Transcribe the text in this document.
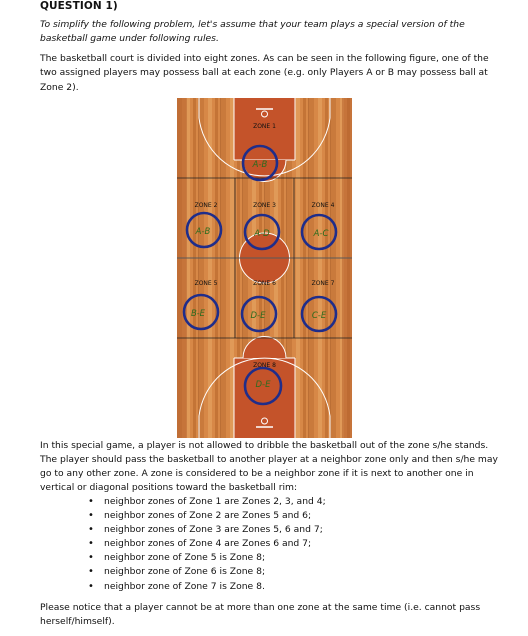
QUESTION 1)
To simplify the following problem, let's assume that your team plays a special version of the basketball game under following rules.
The basketball court is divided into eight zones. As can be seen in the following figure, one of the two assigned players may possess ball at each zone (e.g. only Players A or B may possess ball at Zone 2).
ZONE 1
ZONE 2	ZONE 3	ZONE 4
ZONE 5	ZONE 6	ZONE 7
ZONE 8
A-B
A-B	A-D	A-C
B-E	D-E	C-E
D-E
In this special game, a player is not allowed to dribble the basketball out of the zone s/he stands. The player should pass the basketball to another player at a neighbor zone only and then s/he may go to any other zone. A zone is considered to be a neighbor zone if it is next to another one in vertical or diagonal positions toward the basketball rim:
• neighbor zones of Zone 1 are Zones 2, 3, and 4;
• neighbor zones of Zone 2 are Zones 5 and 6;
• neighbor zones of Zone 3 are Zones 5, 6 and 7;
• neighbor zones of Zone 4 are Zones 6 and 7;
• neighbor zone of Zone 5 is Zone 8;
• neighbor zone of Zone 6 is Zone 8;
• neighbor zone of Zone 7 is Zone 8.
Please notice that a player cannot be at more than one zone at the same time (i.e. cannot pass herself/himself).
